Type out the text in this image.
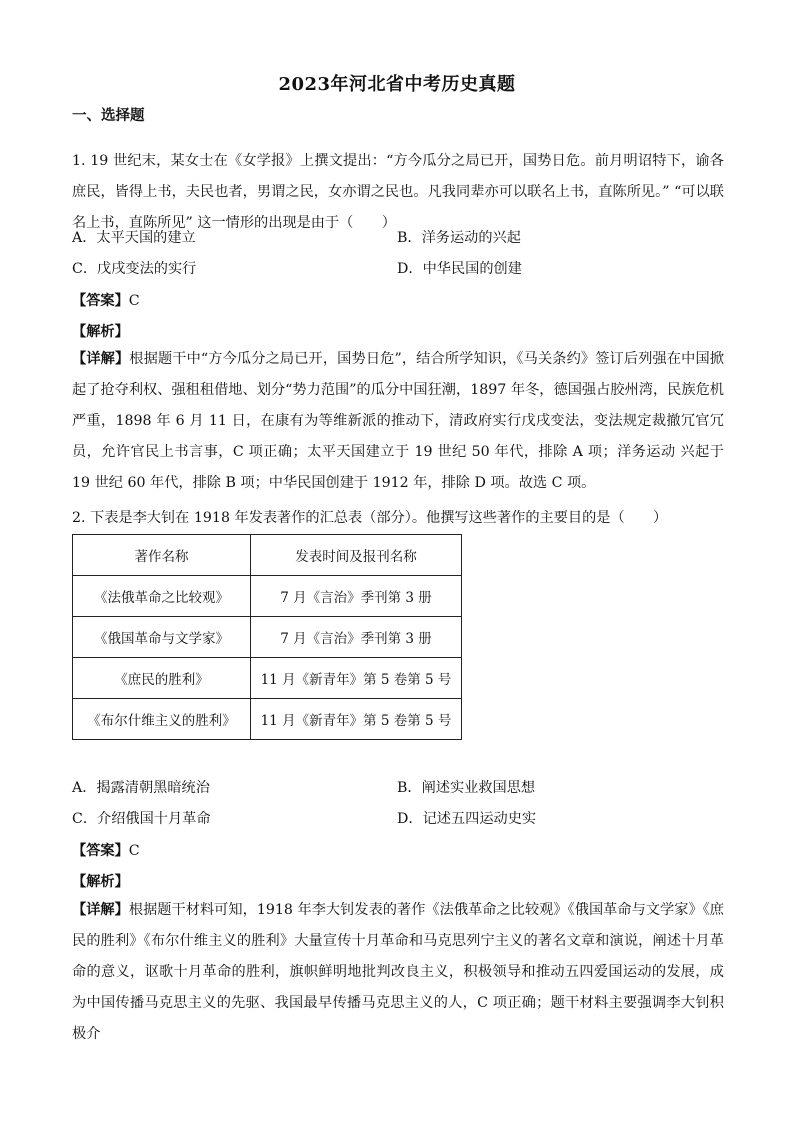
2023年河北省中考历史真题
一、选择题

1. 19 世纪末，某女士在《女学报》上撰文提出：“方今瓜分之局已开，国势日危。前月明诏特下，谕各庶民，皆得上书，夫民也者，男谓之民，女亦谓之民也。凡我同辈亦可以联名上书，直陈所见。” “可以联名上书，直陈所见” 这一情形的出现是由于（　　）

A．太平天国的建立	B．洋务运动的兴起
C．戊戌变法的实行	D．中华民国的创建
【答案】C
【解析】

【详解】根据题干中“方今瓜分之局已开，国势日危”，结合所学知识，《马关条约》签订后列强在中国掀起了抢夺利权、强租租借地、划分“势力范围”的瓜分中国狂潮，1897 年冬，德国强占胶州湾，民族危机严重，1898 年 6 月 11 日，在康有为等维新派的推动下，清政府实行戊戌变法，变法规定裁撤冗官冗员，允许官民上书言事，C 项正确；太平天国建立于 19 世纪 50 年代，排除 A 项；洋务运动 兴起于 19 世纪 60 年代，排除 B 项；中华民国创建于 1912 年，排除 D 项。故选 C 项。

2. 下表是李大钊在 1918 年发表著作的汇总表（部分）。他撰写这些著作的主要目的是（　　）

著作名称	发表时间及报刊名称
《法俄革命之比较观》	7 月《言治》季刊第 3 册
《俄国革命与文学家》	7 月《言治》季刊第 3 册
《庶民的胜利》	11 月《新青年》第 5 卷第 5 号
《布尔什维主义的胜利》	11 月《新青年》第 5 卷第 5 号
A．揭露清朝黑暗统治	B．阐述实业救国思想
C．介绍俄国十月革命	D．记述五四运动史实
【答案】C
【解析】

【详解】根据题干材料可知，1918 年李大钊发表的著作《法俄革命之比较观》《俄国革命与文学家》《庶民的胜利》《布尔什维主义的胜利》大量宣传十月革命和马克思列宁主义的著名文章和演说，阐述十月革命的意义，讴歌十月革命的胜利，旗帜鲜明地批判改良主义，积极领导和推动五四爱国运动的发展，成为中国传播马克思主义的先驱、我国最早传播马克思主义的人，C 项正确；题干材料主要强调李大钊积极介
